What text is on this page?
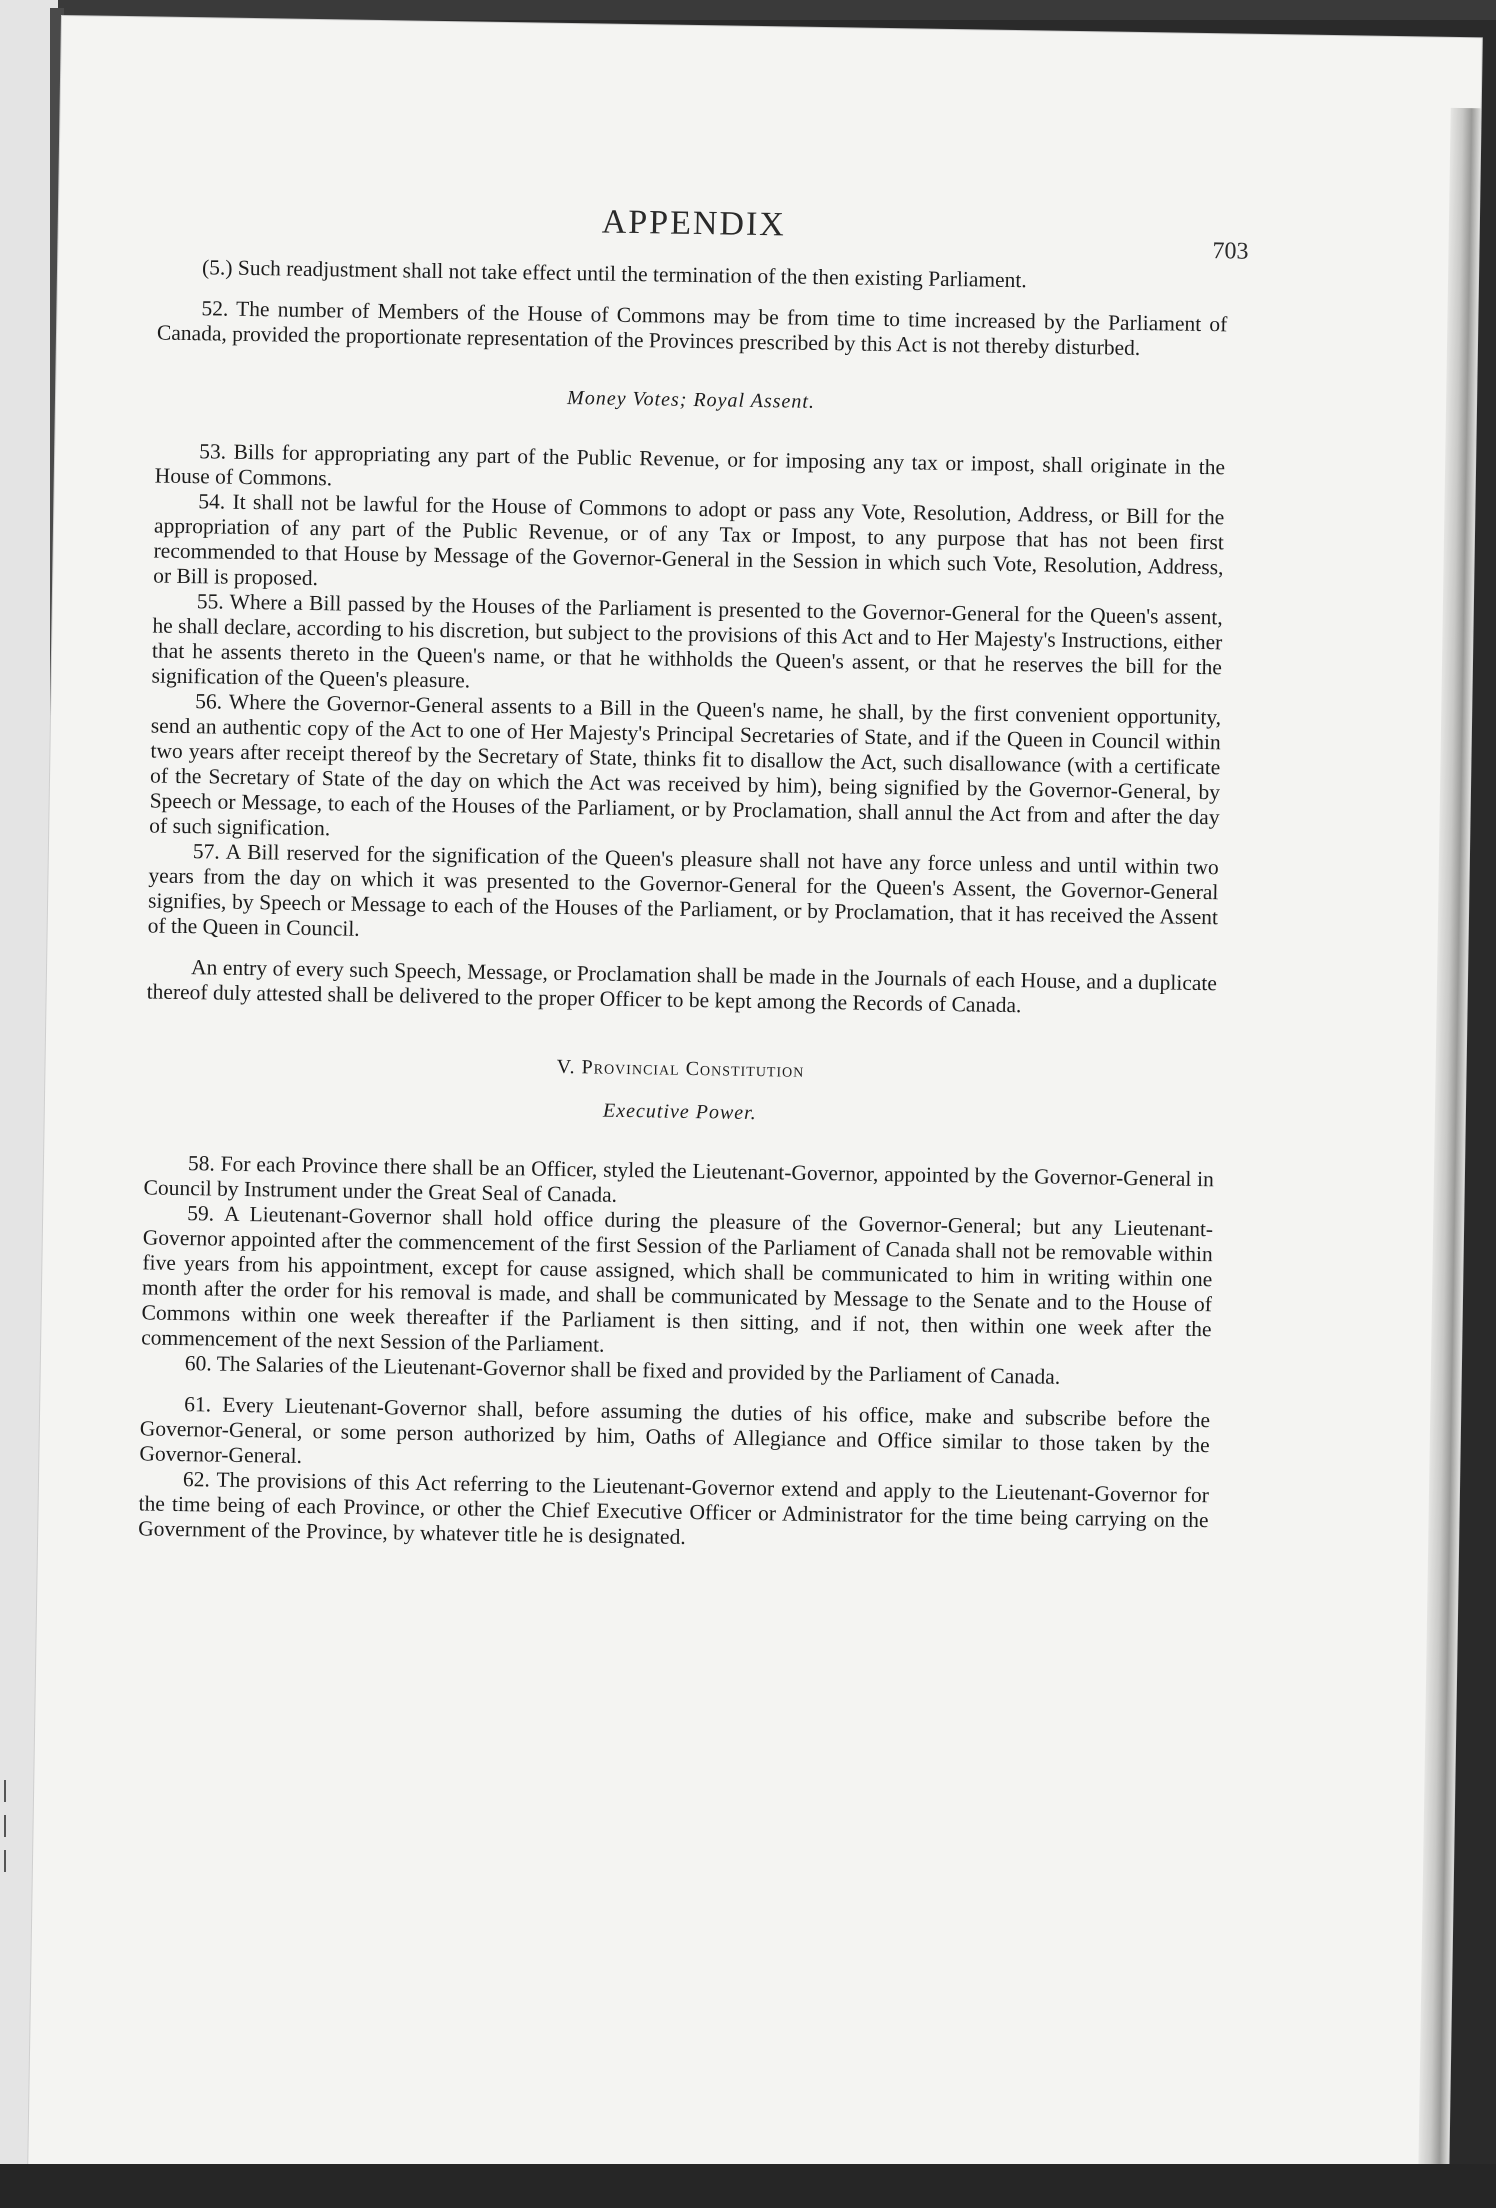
APPENDIX
703

(5.) Such readjustment shall not take effect until the termination of the then existing Parliament.

52. The number of Members of the House of Commons may be from time to time increased by the Parliament of Canada, provided the proportionate representation of the Provinces prescribed by this Act is not thereby disturbed.

Money Votes; Royal Assent.

53. Bills for appropriating any part of the Public Revenue, or for imposing any tax or impost, shall originate in the House of Commons.

54. It shall not be lawful for the House of Commons to adopt or pass any Vote, Resolution, Address, or Bill for the appropriation of any part of the Public Revenue, or of any Tax or Impost, to any purpose that has not been first recommended to that House by Message of the Governor-General in the Session in which such Vote, Resolution, Address, or Bill is proposed.

55. Where a Bill passed by the Houses of the Parliament is presented to the Governor-General for the Queen's assent, he shall declare, according to his discretion, but subject to the provisions of this Act and to Her Majesty's Instructions, either that he assents thereto in the Queen's name, or that he withholds the Queen's assent, or that he reserves the bill for the signification of the Queen's pleasure.

56. Where the Governor-General assents to a Bill in the Queen's name, he shall, by the first convenient opportunity, send an authentic copy of the Act to one of Her Majesty's Principal Secretaries of State, and if the Queen in Council within two years after receipt thereof by the Secretary of State, thinks fit to disallow the Act, such disallowance (with a certificate of the Secretary of State of the day on which the Act was received by him), being signified by the Governor-General, by Speech or Message, to each of the Houses of the Parliament, or by Proclamation, shall annul the Act from and after the day of such signification.

57. A Bill reserved for the signification of the Queen's pleasure shall not have any force unless and until within two years from the day on which it was presented to the Governor-General for the Queen's Assent, the Governor-General signifies, by Speech or Message to each of the Houses of the Parliament, or by Proclamation, that it has received the Assent of the Queen in Council.

An entry of every such Speech, Message, or Proclamation shall be made in the Journals of each House, and a duplicate thereof duly attested shall be delivered to the proper Officer to be kept among the Records of Canada.

V. Provincial Constitution
Executive Power.

58. For each Province there shall be an Officer, styled the Lieutenant-Governor, appointed by the Governor-General in Council by Instrument under the Great Seal of Canada.

59. A Lieutenant-Governor shall hold office during the pleasure of the Governor-General; but any Lieutenant-Governor appointed after the commencement of the first Session of the Parliament of Canada shall not be removable within five years from his appointment, except for cause assigned, which shall be communicated to him in writing within one month after the order for his removal is made, and shall be communicated by Message to the Senate and to the House of Commons within one week thereafter if the Parliament is then sitting, and if not, then within one week after the commencement of the next Session of the Parliament.

60. The Salaries of the Lieutenant-Governor shall be fixed and provided by the Parliament of Canada.

61. Every Lieutenant-Governor shall, before assuming the duties of his office, make and subscribe before the Governor-General, or some person authorized by him, Oaths of Allegiance and Office similar to those taken by the Governor-General.

62. The provisions of this Act referring to the Lieutenant-Governor extend and apply to the Lieutenant-Governor for the time being of each Province, or other the Chief Executive Officer or Administrator for the time being carrying on the Government of the Province, by whatever title he is designated.
